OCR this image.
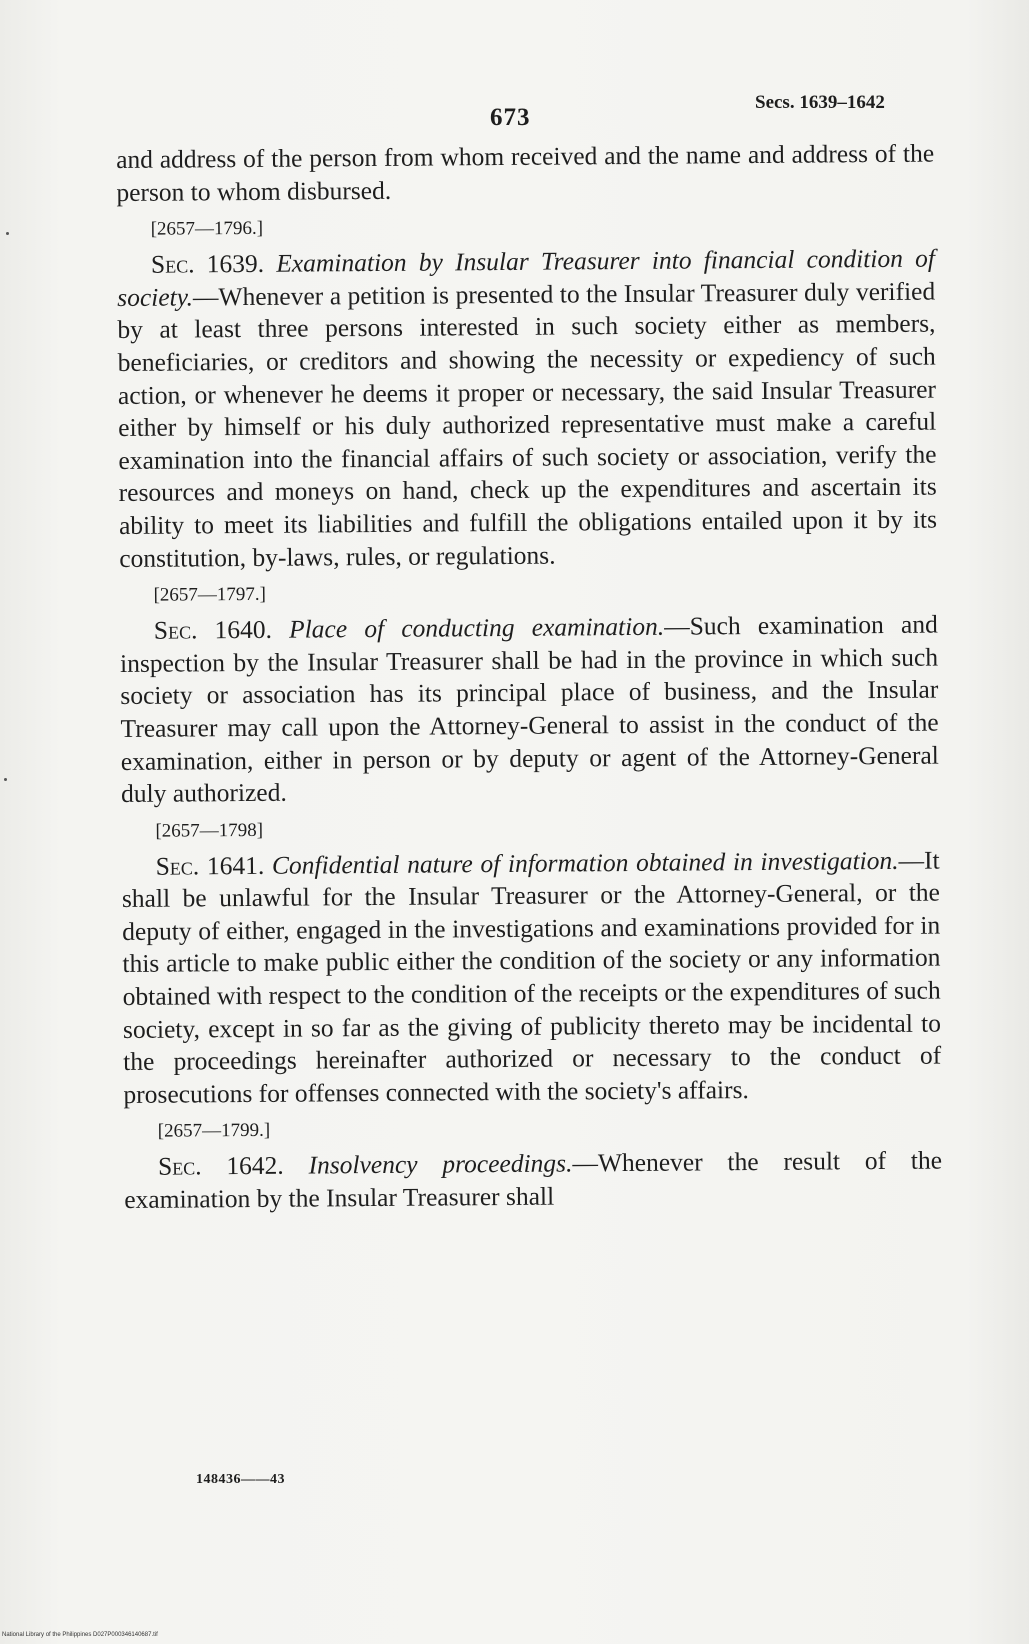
673
Secs. 1639–1642

and address of the person from whom received and the name and address of the person to whom disbursed.

[2657—1796.]

Sec. 1639. Examination by Insular Treasurer into financial condition of society.—Whenever a petition is presented to the Insular Treasurer duly verified by at least three persons interested in such society either as members, beneficiaries, or creditors and showing the necessity or expediency of such action, or whenever he deems it proper or necessary, the said Insular Treasurer either by himself or his duly authorized representative must make a careful examination into the financial affairs of such society or association, verify the resources and moneys on hand, check up the expenditures and ascertain its ability to meet its liabilities and fulfill the obligations entailed upon it by its constitution, by-laws, rules, or regulations.

[2657—1797.]

Sec. 1640. Place of conducting examination.—Such examination and inspection by the Insular Treasurer shall be had in the province in which such society or association has its principal place of business, and the Insular Treasurer may call upon the Attorney-General to assist in the conduct of the examination, either in person or by deputy or agent of the Attorney-General duly authorized.

[2657—1798]

Sec. 1641. Confidential nature of information obtained in investigation.—It shall be unlawful for the Insular Treasurer or the Attorney-General, or the deputy of either, engaged in the investigations and examinations provided for in this article to make public either the condition of the society or any information obtained with respect to the condition of the receipts or the expenditures of such society, except in so far as the giving of publicity thereto may be incidental to the proceedings hereinafter authorized or necessary to the conduct of prosecutions for offenses connected with the society's affairs.

[2657—1799.]

Sec. 1642. Insolvency proceedings.—Whenever the result of the examination by the Insular Treasurer shall

148436——43
National Library of the Philippines D027P000346140687.tif
